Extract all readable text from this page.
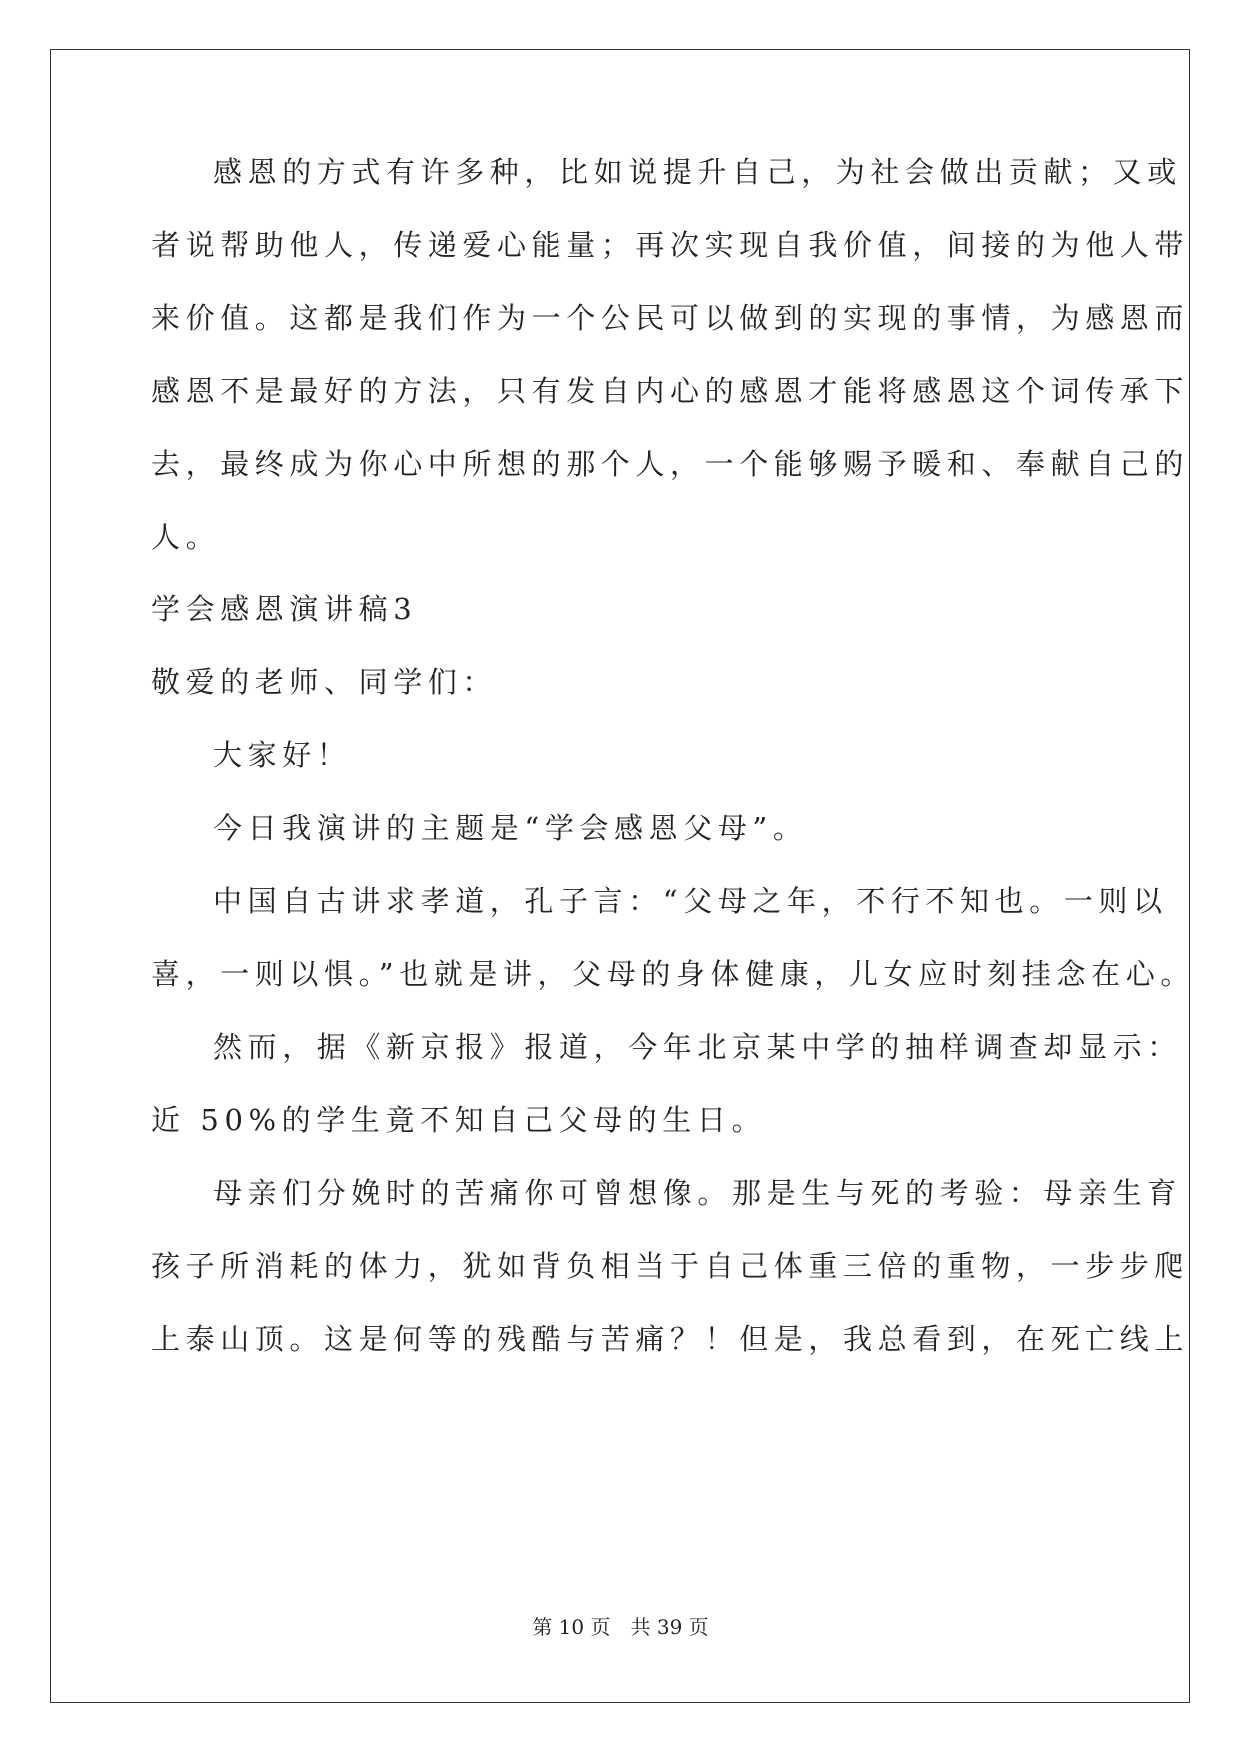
感恩的方式有许多种，比如说提升自己，为社会做出贡献；又或
者说帮助他人，传递爱心能量；再次实现自我价值，间接的为他人带
来价值。这都是我们作为一个公民可以做到的实现的事情，为感恩而
感恩不是最好的方法，只有发自内心的感恩才能将感恩这个词传承下
去，最终成为你心中所想的那个人，一个能够赐予暖和、奉献自己的
人。
学会感恩演讲稿3
敬爱的老师、同学们：
大家好！
今日我演讲的主题是“学会感恩父母”。
中国自古讲求孝道，孔子言：“父母之年，不行不知也。一则以
喜，一则以惧。”也就是讲，父母的身体健康，儿女应时刻挂念在心。
然而，据《新京报》报道，今年北京某中学的抽样调查却显示：
近 50%的学生竟不知自己父母的生日。
母亲们分娩时的苦痛你可曾想像。那是生与死的考验：母亲生育
孩子所消耗的体力，犹如背负相当于自己体重三倍的重物，一步步爬
上泰山顶。这是何等的残酷与苦痛？！但是，我总看到，在死亡线上
第 10 页　共 39 页
